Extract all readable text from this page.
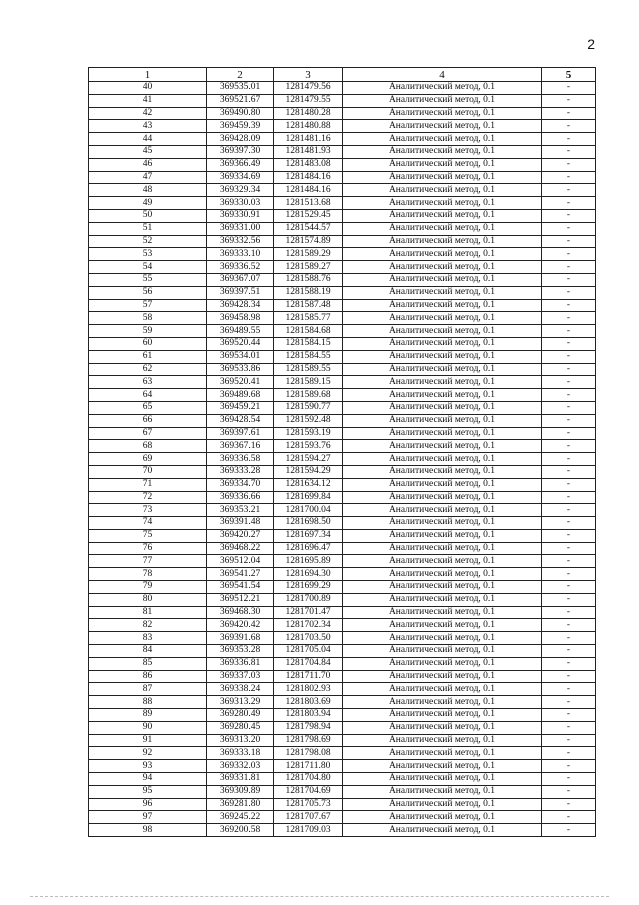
2
1	2	3	4	5
40	369535.01	1281479.56	Аналитический метод, 0.1	-
41	369521.67	1281479.55	Аналитический метод, 0.1	-
42	369490.80	1281480.28	Аналитический метод, 0.1	-
43	369459.39	1281480.88	Аналитический метод, 0.1	-
44	369428.09	1281481.16	Аналитический метод, 0.1	-
45	369397.30	1281481.93	Аналитический метод, 0.1	-
46	369366.49	1281483.08	Аналитический метод, 0.1	-
47	369334.69	1281484.16	Аналитический метод, 0.1	-
48	369329.34	1281484.16	Аналитический метод, 0.1	-
49	369330.03	1281513.68	Аналитический метод, 0.1	-
50	369330.91	1281529.45	Аналитический метод, 0.1	-
51	369331.00	1281544.57	Аналитический метод, 0.1	-
52	369332.56	1281574.89	Аналитический метод, 0.1	-
53	369333.10	1281589.29	Аналитический метод, 0.1	-
54	369336.52	1281589.27	Аналитический метод, 0.1	-
55	369367.07	1281588.76	Аналитический метод, 0.1	-
56	369397.51	1281588.19	Аналитический метод, 0.1	-
57	369428.34	1281587.48	Аналитический метод, 0.1	-
58	369458.98	1281585.77	Аналитический метод, 0.1	-
59	369489.55	1281584.68	Аналитический метод, 0.1	-
60	369520.44	1281584.15	Аналитический метод, 0.1	-
61	369534.01	1281584.55	Аналитический метод, 0.1	-
62	369533.86	1281589.55	Аналитический метод, 0.1	-
63	369520.41	1281589.15	Аналитический метод, 0.1	-
64	369489.68	1281589.68	Аналитический метод, 0.1	-
65	369459.21	1281590.77	Аналитический метод, 0.1	-
66	369428.54	1281592.48	Аналитический метод, 0.1	-
67	369397.61	1281593.19	Аналитический метод, 0.1	-
68	369367.16	1281593.76	Аналитический метод, 0.1	-
69	369336.58	1281594.27	Аналитический метод, 0.1	-
70	369333.28	1281594.29	Аналитический метод, 0.1	-
71	369334.70	1281634.12	Аналитический метод, 0.1	-
72	369336.66	1281699.84	Аналитический метод, 0.1	-
73	369353.21	1281700.04	Аналитический метод, 0.1	-
74	369391.48	1281698.50	Аналитический метод, 0.1	-
75	369420.27	1281697.34	Аналитический метод, 0.1	-
76	369468.22	1281696.47	Аналитический метод, 0.1	-
77	369512.04	1281695.89	Аналитический метод, 0.1	-
78	369541.27	1281694.30	Аналитический метод, 0.1	-
79	369541.54	1281699.29	Аналитический метод, 0.1	-
80	369512.21	1281700.89	Аналитический метод, 0.1	-
81	369468.30	1281701.47	Аналитический метод, 0.1	-
82	369420.42	1281702.34	Аналитический метод, 0.1	-
83	369391.68	1281703.50	Аналитический метод, 0.1	-
84	369353.28	1281705.04	Аналитический метод, 0.1	-
85	369336.81	1281704.84	Аналитический метод, 0.1	-
86	369337.03	1281711.70	Аналитический метод, 0.1	-
87	369338.24	1281802.93	Аналитический метод, 0.1	-
88	369313.29	1281803.69	Аналитический метод, 0.1	-
89	369280.49	1281803.94	Аналитический метод, 0.1	-
90	369280.45	1281798.94	Аналитический метод, 0.1	-
91	369313.20	1281798.69	Аналитический метод, 0.1	-
92	369333.18	1281798.08	Аналитический метод, 0.1	-
93	369332.03	1281711.80	Аналитический метод, 0.1	-
94	369331.81	1281704.80	Аналитический метод, 0.1	-
95	369309.89	1281704.69	Аналитический метод, 0.1	-
96	369281.80	1281705.73	Аналитический метод, 0.1	-
97	369245.22	1281707.67	Аналитический метод, 0.1	-
98	369200.58	1281709.03	Аналитический метод, 0.1	-
